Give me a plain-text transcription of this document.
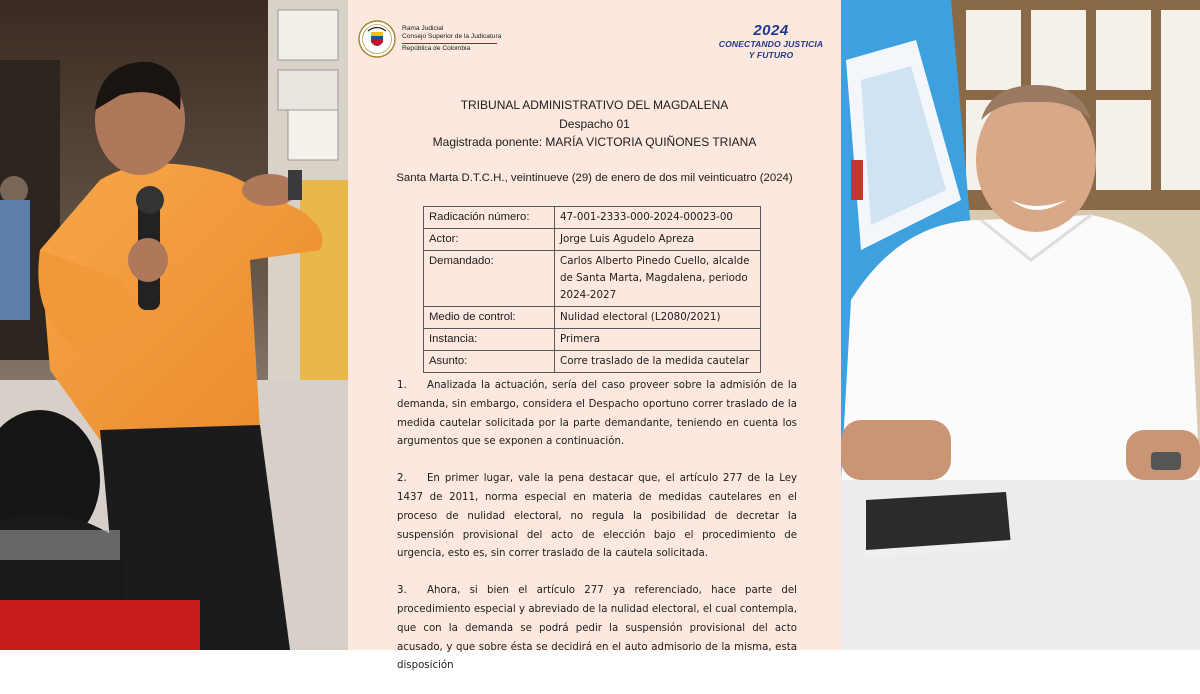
Rama Judicial
Consejo Superior de la Judicatura
República de Colombia
2024
CONECTANDO JUSTICIA
Y FUTURO
TRIBUNAL ADMINISTRATIVO DEL MAGDALENA
Despacho 01
Magistrada ponente: MARÍA VICTORIA QUIÑONES TRIANA
Santa Marta D.T.C.H., veintinueve (29) de enero de dos mil veinticuatro (2024)
Radicación número:	47-001-2333-000-2024-00023-00
Actor:	Jorge Luis Agudelo Apreza
Demandado:	Carlos Alberto Pinedo Cuello, alcalde de Santa Marta, Magdalena, periodo 2024-2027
Medio de control:	Nulidad electoral (L2080/2021)
Instancia:	Primera
Asunto:	Corre traslado de la medida cautelar

1. Analizada la actuación, sería del caso proveer sobre la admisión de la demanda, sin embargo, considera el Despacho oportuno correr traslado de la medida cautelar solicitada por la parte demandante, teniendo en cuenta los argumentos que se exponen a continuación.

2. En primer lugar, vale la pena destacar que, el artículo 277 de la Ley 1437 de 2011, norma especial en materia de medidas cautelares en el proceso de nulidad electoral, no regula la posibilidad de decretar la suspensión provisional del acto de elección bajo el procedimiento de urgencia, esto es, sin correr traslado de la cautela solicitada.

3. Ahora, si bien el artículo 277 ya referenciado, hace parte del procedimiento especial y abreviado de la nulidad electoral, el cual contempla, que con la demanda se podrá pedir la suspensión provisional del acto acusado, y que sobre ésta se decidirá en el auto admisorio de la misma, esta disposición
